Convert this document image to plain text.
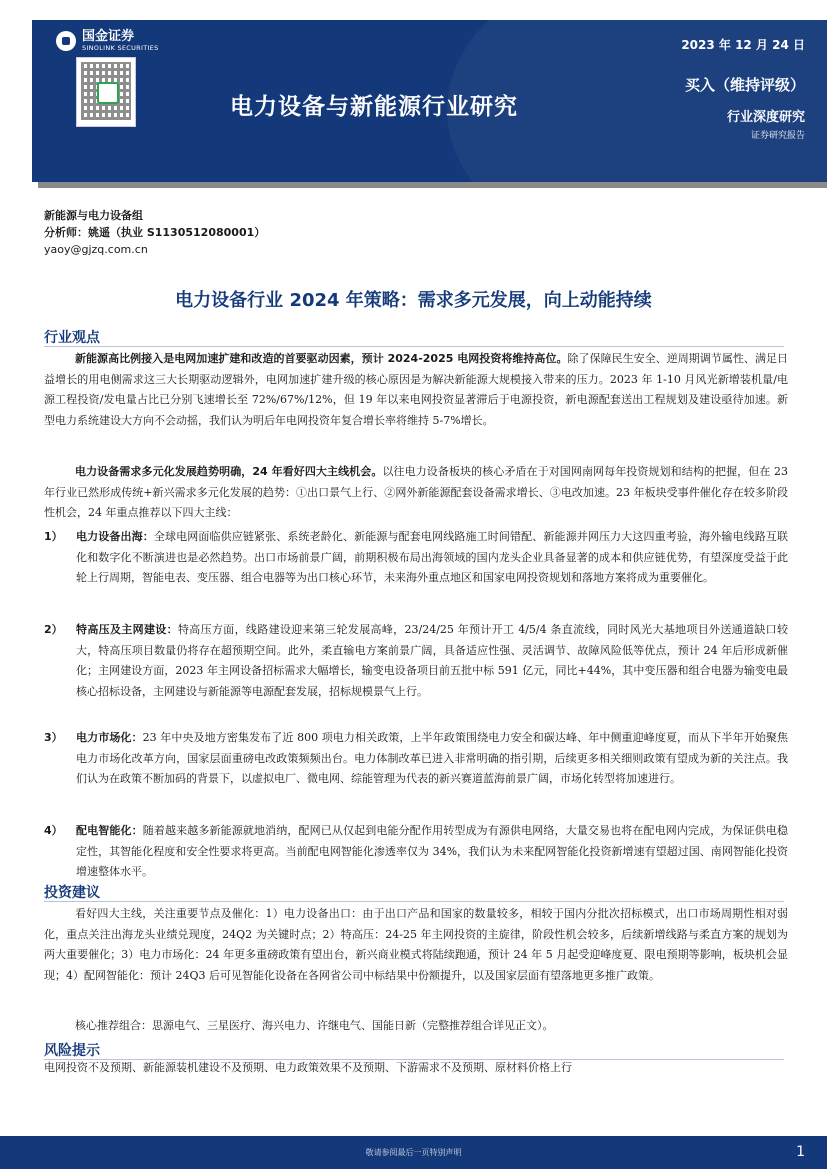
国金证券
SINOLINK SECURITIES
电力设备与新能源行业研究
2023 年 12 月 24 日
买入（维持评级）
行业深度研究
证券研究报告
新能源与电力设备组
分析师：姚遥（执业 S1130512080001）
yaoy@gjzq.com.cn
电力设备行业 2024 年策略：需求多元发展，向上动能持续
行业观点
新能源高比例接入是电网加速扩建和改造的首要驱动因素，预计 2024-2025 电网投资将维持高位。除了保障民生安全、逆周期调节属性、满足日益增长的用电侧需求这三大长期驱动逻辑外，电网加速扩建升级的核心原因是为解决新能源大规模接入带来的压力。2023 年 1-10 月风光新增装机量/电源工程投资/发电量占比已分别飞速增长至 72%/67%/12%，但 19 年以来电网投资显著滞后于电源投资，新电源配套送出工程规划及建设亟待加速。新型电力系统建设大方向不会动摇，我们认为明后年电网投资年复合增长率将维持 5-7%增长。
电力设备需求多元化发展趋势明确，24 年看好四大主线机会。以往电力设备板块的核心矛盾在于对国网南网每年投资规划和结构的把握，但在 23 年行业已然形成传统+新兴需求多元化发展的趋势：①出口景气上行、②网外新能源配套设备需求增长、③电改加速。23 年板块受事件催化存在较多阶段性机会，24 年重点推荐以下四大主线：
1） 电力设备出海：全球电网面临供应链紧张、系统老龄化、新能源与配套电网线路施工时间错配、新能源并网压力大这四重考验，海外输电线路互联化和数字化不断演进也是必然趋势。出口市场前景广阔，前期积极布局出海领域的国内龙头企业具备显著的成本和供应链优势，有望深度受益于此轮上行周期，智能电表、变压器、组合电器等为出口核心环节，未来海外重点地区和国家电网投资规划和落地方案将成为重要催化。
2） 特高压及主网建设：特高压方面，线路建设迎来第三轮发展高峰，23/24/25 年预计开工 4/5/4 条直流线，同时风光大基地项目外送通道缺口较大，特高压项目数量仍将存在超预期空间。此外，柔直输电方案前景广阔，具备适应性强、灵活调节、故障风险低等优点，预计 24 年后形成新催化；主网建设方面，2023 年主网设备招标需求大幅增长，输变电设备项目前五批中标 591 亿元，同比+44%，其中变压器和组合电器为输变电最核心招标设备，主网建设与新能源等电源配套发展，招标规模景气上行。
3） 电力市场化：23 年中央及地方密集发布了近 800 项电力相关政策，上半年政策围绕电力安全和碳达峰、年中侧重迎峰度夏，而从下半年开始聚焦电力市场化改革方向，国家层面重磅电改政策频频出台。电力体制改革已进入非常明确的指引期，后续更多相关细则政策有望成为新的关注点。我们认为在政策不断加码的背景下，以虚拟电厂、微电网、综能管理为代表的新兴赛道蓝海前景广阔，市场化转型将加速进行。
4） 配电智能化：随着越来越多新能源就地消纳，配网已从仅起到电能分配作用转型成为有源供电网络，大量交易也将在配电网内完成，为保证供电稳定性，其智能化程度和安全性要求将更高。当前配电网智能化渗透率仅为 34%，我们认为未来配网智能化投资新增速有望超过国、南网智能化投资增速整体水平。
投资建议
看好四大主线，关注重要节点及催化：1）电力设备出口：由于出口产品和国家的数量较多，相较于国内分批次招标模式，出口市场周期性相对弱化，重点关注出海龙头业绩兑现度，24Q2 为关键时点；2）特高压：24-25 年主网投资的主旋律，阶段性机会较多，后续新增线路与柔直方案的规划为两大重要催化；3）电力市场化：24 年更多重磅政策有望出台，新兴商业模式将陆续跑通，预计 24 年 5 月起受迎峰度夏、限电预期等影响，板块机会显现；4）配网智能化：预计 24Q3 后可见智能化设备在各网省公司中标结果中份额提升，以及国家层面有望落地更多推广政策。
核心推荐组合：思源电气、三星医疗、海兴电力、许继电气、国能日新（完整推荐组合详见正文）。
风险提示
电网投资不及预期、新能源装机建设不及预期、电力政策效果不及预期、下游需求不及预期、原材料价格上行
敬请参阅最后一页特别声明	1
